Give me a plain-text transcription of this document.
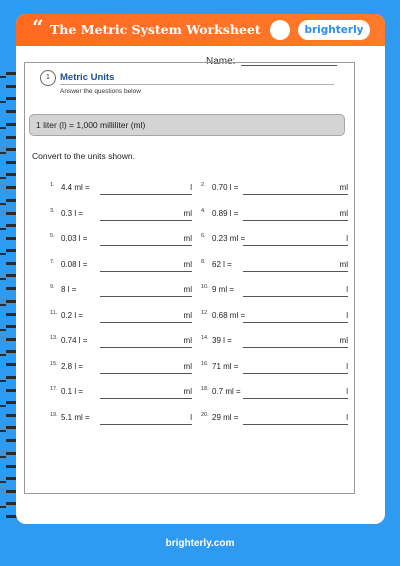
“ The Metric System Worksheet	brighterly
Name:
1	Metric Units
Answer the questions below
1 liter (l) = 1,000 milliliter (ml)
Convert to the units shown.
1. 4.4 ml =	l 2. 0.70 l =	ml
3. 0.3 l =	ml 4. 0.89 l =	ml
5. 0.03 l =	ml 6. 0.23 ml =	l
7. 0.08 l =	ml 8. 62 l =	ml
9. 8 l =	ml 10. 9 ml =	l
11. 0.2 l =	ml 12. 0.68 ml =	l
13. 0.74 l =	ml 14. 39 l =	ml
15. 2.8 l =	ml 16. 71 ml =	l
17. 0.1 l =	ml 18. 0.7 ml =	l
19. 5.1 ml =	l 20. 29 ml =	l
brighterly.com
